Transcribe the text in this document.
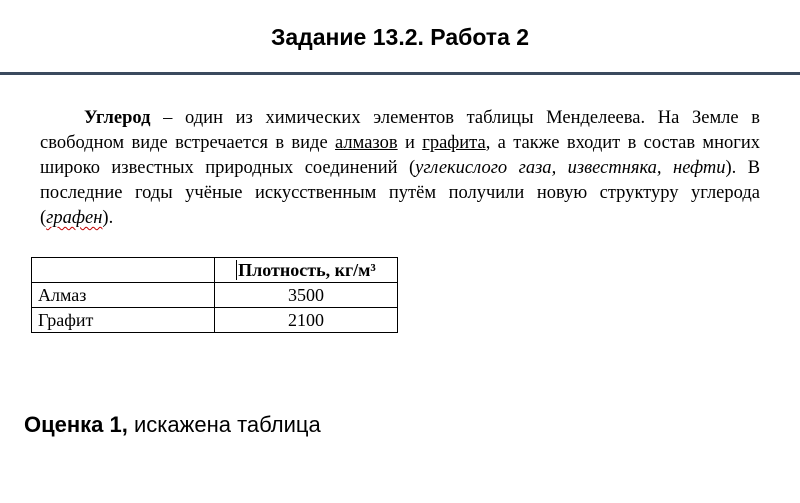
Задание 13.2. Работа 2
Углерод – один из химических элементов таблицы Менделеева. На Земле в свободном виде встречается в виде алмазов и графита, а также входит в состав многих широко известных природных соединений (углекислого газа, известняка, нефти). В последние годы учёные искусственным путём получили новую структуру углерода (графен).
	Плотность, кг/м³
Алмаз	3500
Графит	2100
Оценка 1, искажена таблица
